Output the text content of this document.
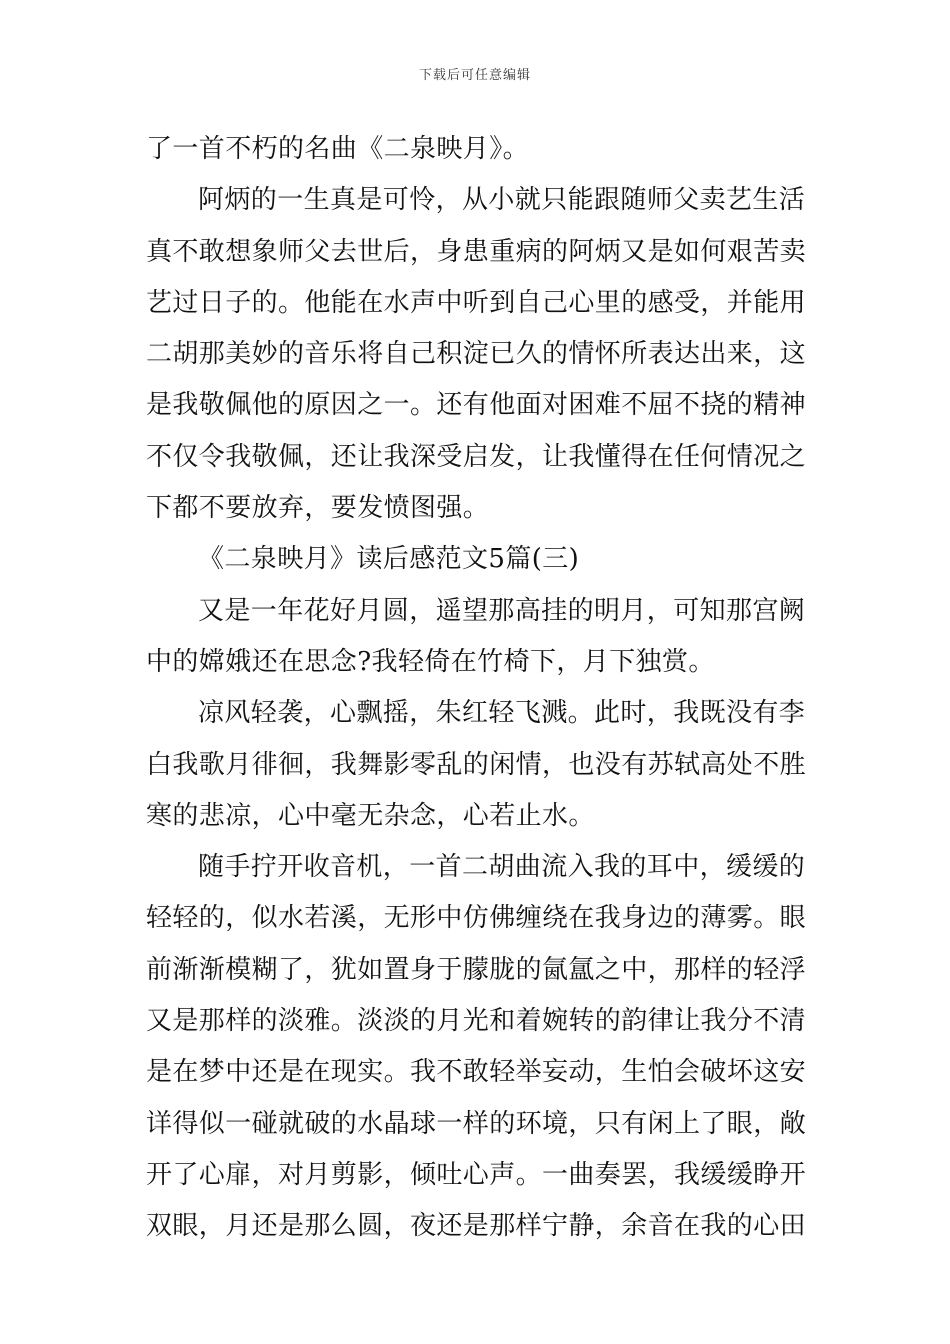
下载后可任意编辑

了一首不朽的名曲《二泉映月》。

阿炳的一生真是可怜，从小就只能跟随师父卖艺生活
真不敢想象师父去世后，身患重病的阿炳又是如何艰苦卖
艺过日子的。他能在水声中听到自己心里的感受，并能用
二胡那美妙的音乐将自己积淀已久的情怀所表达出来，这
是我敬佩他的原因之一。还有他面对困难不屈不挠的精神
不仅令我敬佩，还让我深受启发，让我懂得在任何情况之
下都不要放弃，要发愤图强。

《二泉映月》读后感范文5篇(三)

又是一年花好月圆，遥望那高挂的明月，可知那宫阙
中的嫦娥还在思念?我轻倚在竹椅下，月下独赏。

凉风轻袭，心飘摇，朱红轻飞溅。此时，我既没有李
白我歌月徘徊，我舞影零乱的闲情，也没有苏轼高处不胜
寒的悲凉，心中毫无杂念，心若止水。

随手拧开收音机，一首二胡曲流入我的耳中，缓缓的
轻轻的，似水若溪，无形中仿佛缠绕在我身边的薄雾。眼
前渐渐模糊了，犹如置身于朦胧的氤氲之中，那样的轻浮
又是那样的淡雅。淡淡的月光和着婉转的韵律让我分不清
是在梦中还是在现实。我不敢轻举妄动，生怕会破坏这安
详得似一碰就破的水晶球一样的环境，只有闲上了眼，敞
开了心扉，对月剪影，倾吐心声。一曲奏罢，我缓缓睁开
双眼，月还是那么圆，夜还是那样宁静，余音在我的心田
